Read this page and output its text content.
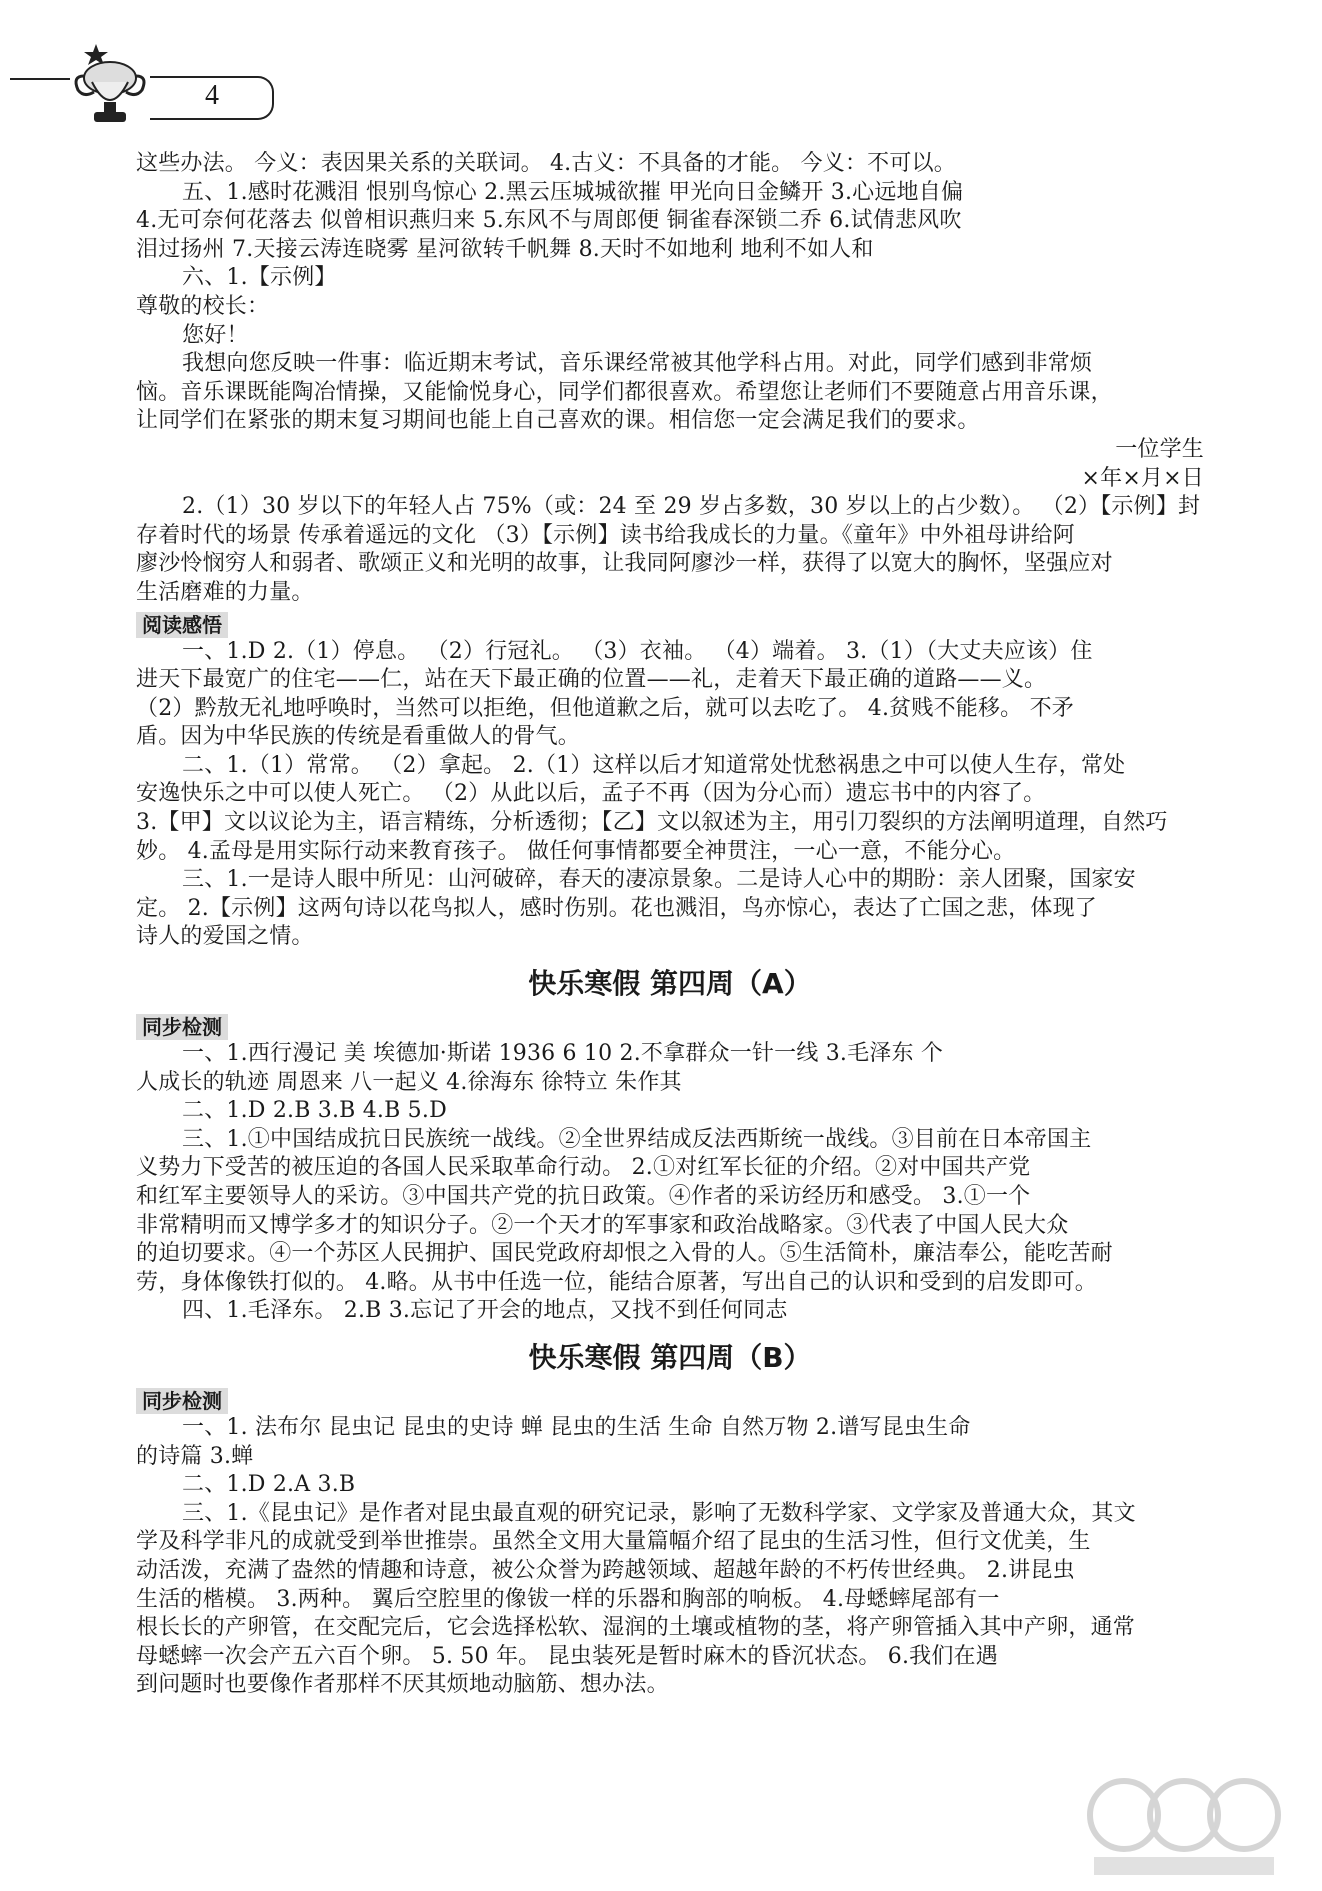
4
这些办法。 今义：表因果关系的关联词。 4.古义：不具备的才能。 今义：不可以。
五、1.感时花溅泪 恨别鸟惊心 2.黑云压城城欲摧 甲光向日金鳞开 3.心远地自偏
4.无可奈何花落去 似曾相识燕归来 5.东风不与周郎便 铜雀春深锁二乔 6.试倩悲风吹
泪过扬州 7.天接云涛连晓雾 星河欲转千帆舞 8.天时不如地利 地利不如人和
六、1.【示例】
尊敬的校长：
您好！
我想向您反映一件事：临近期末考试，音乐课经常被其他学科占用。对此，同学们感到非常烦
恼。音乐课既能陶冶情操，又能愉悦身心，同学们都很喜欢。希望您让老师们不要随意占用音乐课，
让同学们在紧张的期末复习期间也能上自己喜欢的课。相信您一定会满足我们的要求。
一位学生
×年×月×日
2.（1）30 岁以下的年轻人占 75%（或：24 至 29 岁占多数，30 岁以上的占少数）。 （2）【示例】封
存着时代的场景 传承着遥远的文化 （3）【示例】读书给我成长的力量。《童年》中外祖母讲给阿
廖沙怜悯穷人和弱者、歌颂正义和光明的故事，让我同阿廖沙一样，获得了以宽大的胸怀，坚强应对
生活磨难的力量。
阅读感悟
一、1.D 2.（1）停息。 （2）行冠礼。 （3）衣袖。 （4）端着。 3.（1）（大丈夫应该）住
进天下最宽广的住宅——仁，站在天下最正确的位置——礼，走着天下最正确的道路——义。
（2）黔敖无礼地呼唤时，当然可以拒绝，但他道歉之后，就可以去吃了。 4.贫贱不能移。 不矛
盾。因为中华民族的传统是看重做人的骨气。
二、1.（1）常常。 （2）拿起。 2.（1）这样以后才知道常处忧愁祸患之中可以使人生存，常处
安逸快乐之中可以使人死亡。 （2）从此以后，孟子不再（因为分心而）遗忘书中的内容了。
3.【甲】文以议论为主，语言精练，分析透彻；【乙】文以叙述为主，用引刀裂织的方法阐明道理，自然巧
妙。 4.孟母是用实际行动来教育孩子。 做任何事情都要全神贯注，一心一意，不能分心。
三、1.一是诗人眼中所见：山河破碎，春天的凄凉景象。二是诗人心中的期盼：亲人团聚，国家安
定。 2.【示例】这两句诗以花鸟拟人，感时伤别。花也溅泪，鸟亦惊心，表达了亡国之悲，体现了
诗人的爱国之情。
快乐寒假 第四周（A）
同步检测
一、1.西行漫记 美 埃德加·斯诺 1936 6 10 2.不拿群众一针一线 3.毛泽东 个
人成长的轨迹 周恩来 八一起义 4.徐海东 徐特立 朱作其
二、1.D 2.B 3.B 4.B 5.D
三、1.①中国结成抗日民族统一战线。②全世界结成反法西斯统一战线。③目前在日本帝国主
义势力下受苦的被压迫的各国人民采取革命行动。 2.①对红军长征的介绍。②对中国共产党
和红军主要领导人的采访。③中国共产党的抗日政策。④作者的采访经历和感受。 3.①一个
非常精明而又博学多才的知识分子。②一个天才的军事家和政治战略家。③代表了中国人民大众
的迫切要求。④一个苏区人民拥护、国民党政府却恨之入骨的人。⑤生活简朴，廉洁奉公，能吃苦耐
劳，身体像铁打似的。 4.略。从书中任选一位，能结合原著，写出自己的认识和受到的启发即可。
四、1.毛泽东。 2.B 3.忘记了开会的地点，又找不到任何同志
快乐寒假 第四周（B）
同步检测
一、1. 法布尔 昆虫记 昆虫的史诗 蝉 昆虫的生活 生命 自然万物 2.谱写昆虫生命
的诗篇 3.蝉
二、1.D 2.A 3.B
三、1.《昆虫记》是作者对昆虫最直观的研究记录，影响了无数科学家、文学家及普通大众，其文
学及科学非凡的成就受到举世推崇。虽然全文用大量篇幅介绍了昆虫的生活习性，但行文优美，生
动活泼，充满了盎然的情趣和诗意，被公众誉为跨越领域、超越年龄的不朽传世经典。 2.讲昆虫
生活的楷模。 3.两种。 翼后空腔里的像钹一样的乐器和胸部的响板。 4.母蟋蟀尾部有一
根长长的产卵管，在交配完后，它会选择松软、湿润的土壤或植物的茎，将产卵管插入其中产卵，通常
母蟋蟀一次会产五六百个卵。 5. 50 年。 昆虫装死是暂时麻木的昏沉状态。 6.我们在遇
到问题时也要像作者那样不厌其烦地动脑筋、想办法。
